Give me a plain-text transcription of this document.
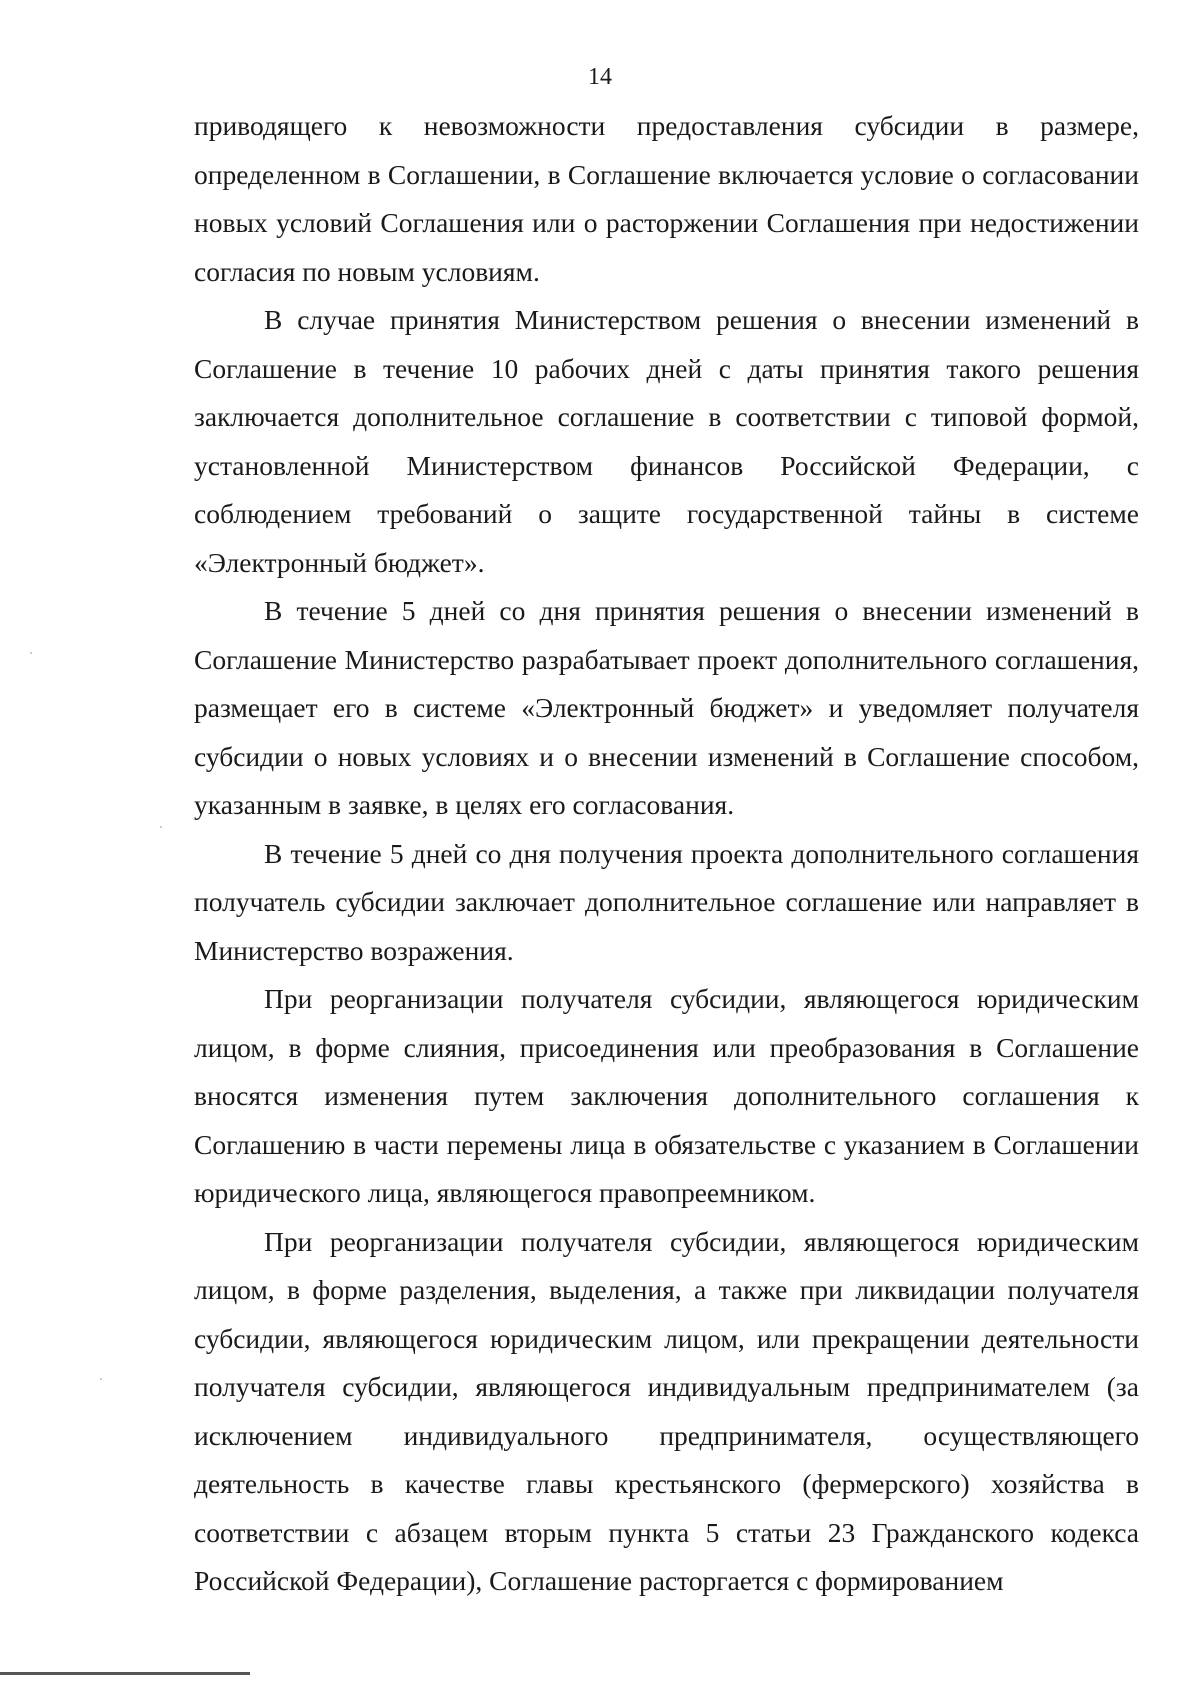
14

приводящего к невозможности предоставления субсидии в размере, определенном в Соглашении, в Соглашение включается условие о согласовании новых условий Соглашения или о расторжении Соглашения при недостижении согласия по новым условиям.

В случае принятия Министерством решения о внесении изменений в Соглашение в течение 10 рабочих дней с даты принятия такого решения заключается дополнительное соглашение в соответствии с типовой формой, установленной Министерством финансов Российской Федерации, с соблюдением требований о защите государственной тайны в системе «Электронный бюджет».

В течение 5 дней со дня принятия решения о внесении изменений в Соглашение Министерство разрабатывает проект дополнительного соглашения, размещает его в системе «Электронный бюджет» и уведомляет получателя субсидии о новых условиях и о внесении изменений в Соглашение способом, указанным в заявке, в целях его согласования.

В течение 5 дней со дня получения проекта дополнительного соглашения получатель субсидии заключает дополнительное соглашение или направляет в Министерство возражения.

При реорганизации получателя субсидии, являющегося юридическим лицом, в форме слияния, присоединения или преобразования в Соглашение вносятся изменения путем заключения дополнительного соглашения к Соглашению в части перемены лица в обязательстве с указанием в Соглашении юридического лица, являющегося правопреемником.

При реорганизации получателя субсидии, являющегося юридическим лицом, в форме разделения, выделения, а также при ликвидации получателя субсидии, являющегося юридическим лицом, или прекращении деятельности получателя субсидии, являющегося индивидуальным предпринимателем (за исключением индивидуального предпринимателя, осуществляющего деятельность в качестве главы крестьянского (фермерского) хозяйства в соответствии с абзацем вторым пункта 5 статьи 23 Гражданского кодекса Российской Федерации), Соглашение расторгается с формированием
